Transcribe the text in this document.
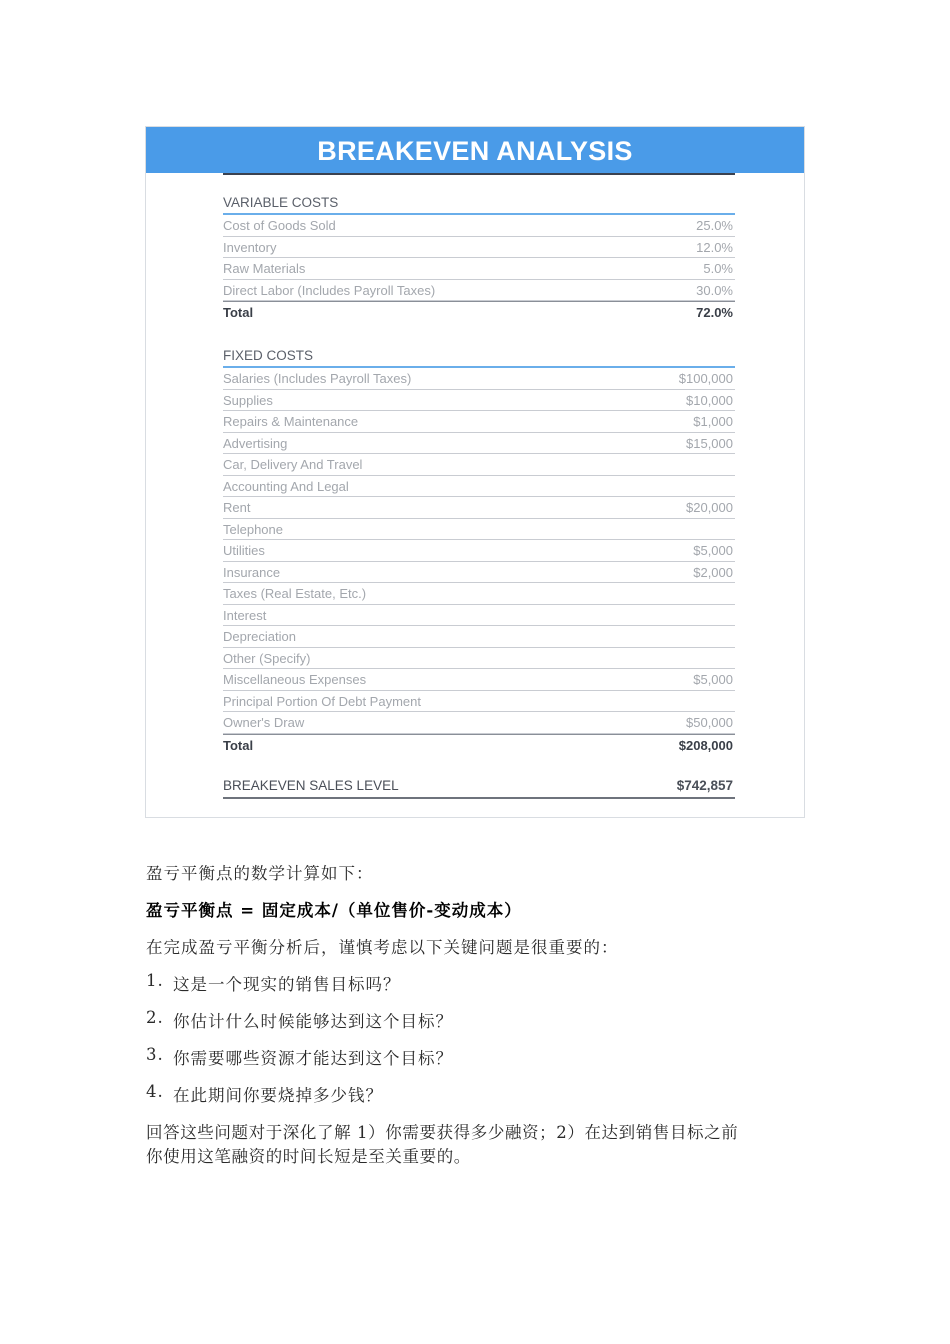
BREAKEVEN ANALYSIS
VARIABLE COSTS
Cost of Goods Sold	25.0%
Inventory	12.0%
Raw Materials	5.0%
Direct Labor (Includes Payroll Taxes)	30.0%
Total	72.0%
FIXED COSTS
Salaries (Includes Payroll Taxes)	$100,000
Supplies	$10,000
Repairs & Maintenance	$1,000
Advertising	$15,000
Car, Delivery And Travel
Accounting And Legal
Rent	$20,000
Telephone
Utilities	$5,000
Insurance	$2,000
Taxes (Real Estate, Etc.)
Interest
Depreciation
Other (Specify)
Miscellaneous Expenses	$5,000
Principal Portion Of Debt Payment
Owner's Draw	$50,000
Total	$208,000
BREAKEVEN SALES LEVEL	$742,857
盈亏平衡点的数学计算如下：
盈亏平衡点 = 固定成本/（单位售价-变动成本）
在完成盈亏平衡分析后，谨慎考虑以下关键问题是很重要的：
1. 这是一个现实的销售目标吗？
2. 你估计什么时候能够达到这个目标？
3. 你需要哪些资源才能达到这个目标？
4. 在此期间你要烧掉多少钱？
回答这些问题对于深化了解 1）你需要获得多少融资；2）在达到销售目标之前
你使用这笔融资的时间长短是至关重要的。
